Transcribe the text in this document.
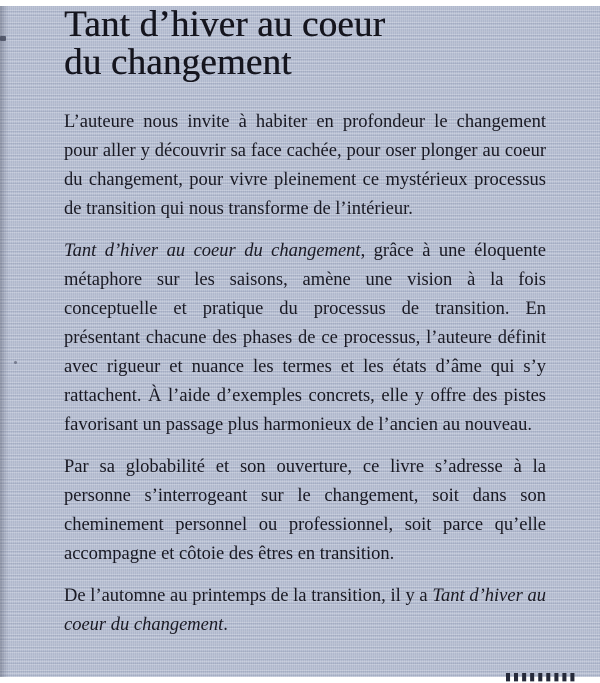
Tant d’hiver au coeur
du changement

L’auteure nous invite à habiter en profondeur le changement pour aller y découvrir sa face cachée, pour oser plonger au coeur du changement, pour vivre pleinement ce mystérieux processus de transition qui nous transforme de l’intérieur.

Tant d’hiver au coeur du changement, grâce à une éloquente métaphore sur les saisons, amène une vision à la fois conceptuelle et pratique du processus de transition. En présentant chacune des phases de ce processus, l’auteure définit avec rigueur et nuance les termes et les états d’âme qui s’y rattachent. À l’aide d’exemples concrets, elle y offre des pistes favorisant un passage plus harmonieux de l’ancien au nouveau.

Par sa globabilité et son ouverture, ce livre s’adresse à la personne s’interrogeant sur le changement, soit dans son cheminement personnel ou professionnel, soit parce qu’elle accompagne et côtoie des êtres en transition.

De l’automne au printemps de la transition, il y a Tant d’hiver au coeur du changement.

▮▮▮▮▮▮▮▮▮
